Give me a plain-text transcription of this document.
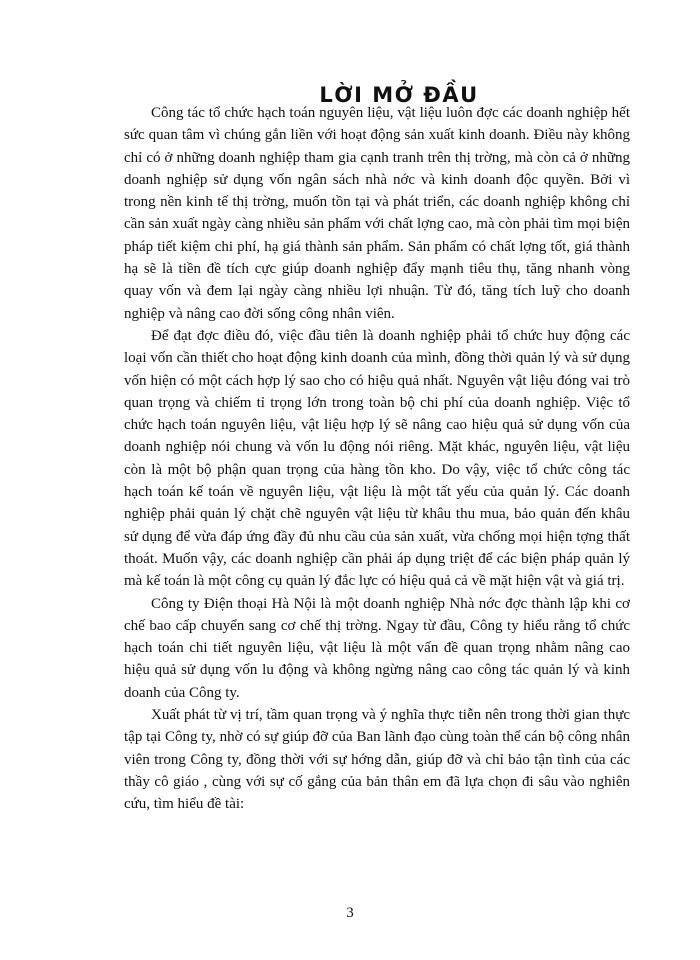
LỜI MỞ ĐẦU

Công tác tổ chức hạch toán nguyên liệu, vật liệu luôn đợc các doanh nghiệp hết sức quan tâm vì chúng gắn liền với hoạt động sản xuất kinh doanh. Điều này không chỉ có ở những doanh nghiệp tham gia cạnh tranh trên thị trờng, mà còn cả ở những doanh nghiệp sử dụng vốn ngân sách nhà nớc và kinh doanh độc quyền. Bởi vì trong nền kinh tế thị trờng, muốn tồn tại và phát triển, các doanh nghiệp không chỉ cần sản xuất ngày càng nhiều sản phẩm với chất lợng cao, mà còn phải tìm mọi biện pháp tiết kiệm chi phí, hạ giá thành sản phẩm. Sản phẩm có chất lợng tốt, giá thành hạ sẽ là tiền đề tích cực giúp doanh nghiệp đẩy mạnh tiêu thụ, tăng nhanh vòng quay vốn và đem lại ngày càng nhiều lợi nhuận. Từ đó, tăng tích luỹ cho doanh nghiệp và nâng cao đời sống công nhân viên.

Để đạt đợc điều đó, việc đầu tiên là doanh nghiệp phải tổ chức huy động các loại vốn cần thiết cho hoạt động kinh doanh của mình, đồng thời quản lý và sử dụng vốn hiện có một cách hợp lý sao cho có hiệu quả nhất. Nguyên vật liệu đóng vai trò quan trọng và chiếm tỉ trọng lớn trong toàn bộ chi phí của doanh nghiệp. Việc tổ chức hạch toán nguyên liệu, vật liệu hợp lý sẽ nâng cao hiệu quả sử dụng vốn của doanh nghiệp nói chung và vốn lu động nói riêng. Mặt khác, nguyên liệu, vật liệu còn là một bộ phận quan trọng của hàng tồn kho. Do vậy, việc tổ chức công tác hạch toán kế toán về nguyên liệu, vật liệu là một tất yếu của quản lý. Các doanh nghiệp phải quản lý chặt chẽ nguyên vật liệu từ khâu thu mua, bảo quản đến khâu sử dụng để vừa đáp ứng đầy đủ nhu cầu của sản xuất, vừa chống mọi hiện tợng thất thoát. Muốn vậy, các doanh nghiệp cần phải áp dụng triệt để các biện pháp quản lý mà kế toán là một công cụ quản lý đắc lực có hiệu quả cả về mặt hiện vật và giá trị.

Công ty Điện thoại Hà Nội là một doanh nghiệp Nhà nớc đợc thành lập khi cơ chế bao cấp chuyển sang cơ chế thị trờng. Ngay từ đầu, Công ty hiểu rằng tổ chức hạch toán chi tiết nguyên liệu, vật liệu là một vấn đề quan trọng nhằm nâng cao hiệu quả sử dụng vốn lu động và không ngừng nâng cao công tác quản lý và kinh doanh của Công ty.

Xuất phát từ vị trí, tầm quan trọng và ý nghĩa thực tiễn nên trong thời gian thực tập tại Công ty, nhờ có sự giúp đỡ của Ban lãnh đạo cùng toàn thể cán bộ công nhân viên trong Công ty, đồng thời với sự hớng dẫn, giúp đỡ và chỉ bảo tận tình của các thầy cô giáo , cùng với sự cố gắng của bản thân em đã lựa chọn đi sâu vào nghiên cứu, tìm hiểu đề tài:

3
